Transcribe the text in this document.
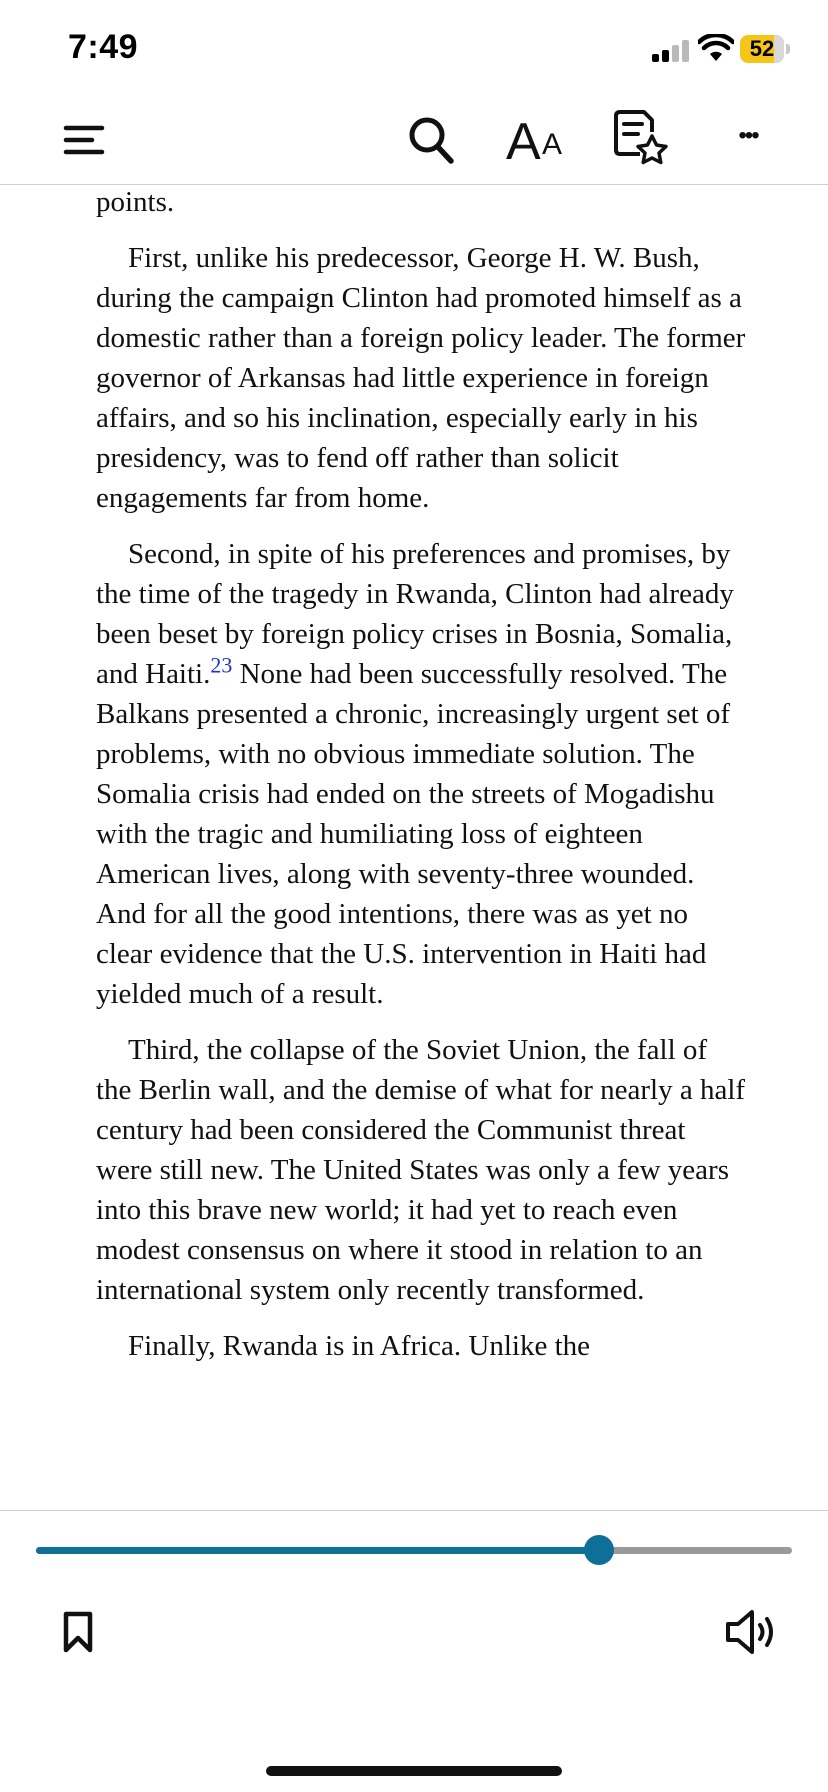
7:49	52
A A	•••

points.

First, unlike his predecessor, George H. W. Bush, during the campaign Clinton had promoted himself as a domestic rather than a foreign policy leader. The former governor of Arkansas had little experience in foreign affairs, and so his inclination, especially early in his presidency, was to fend off rather than solicit engagements far from home.

Second, in spite of his preferences and promises, by the time of the tragedy in Rwanda, Clinton had already been beset by foreign policy crises in Bosnia, Somalia, and Haiti.$^{23}$ None had been successfully resolved. The Balkans presented a chronic, increasingly urgent set of problems, with no obvious immediate solution. The Somalia crisis had ended on the streets of Mogadishu with the tragic and humiliating loss of eighteen American lives, along with seventy-three wounded. And for all the good intentions, there was as yet no clear evidence that the U.S. intervention in Haiti had yielded much of a result.

Third, the collapse of the Soviet Union, the fall of the Berlin wall, and the demise of what for nearly a half century had been considered the Communist threat were still new. The United States was only a few years into this brave new world; it had yet to reach even modest consensus on where it stood in relation to an international system only recently transformed.

Finally, Rwanda is in Africa. Unlike the
